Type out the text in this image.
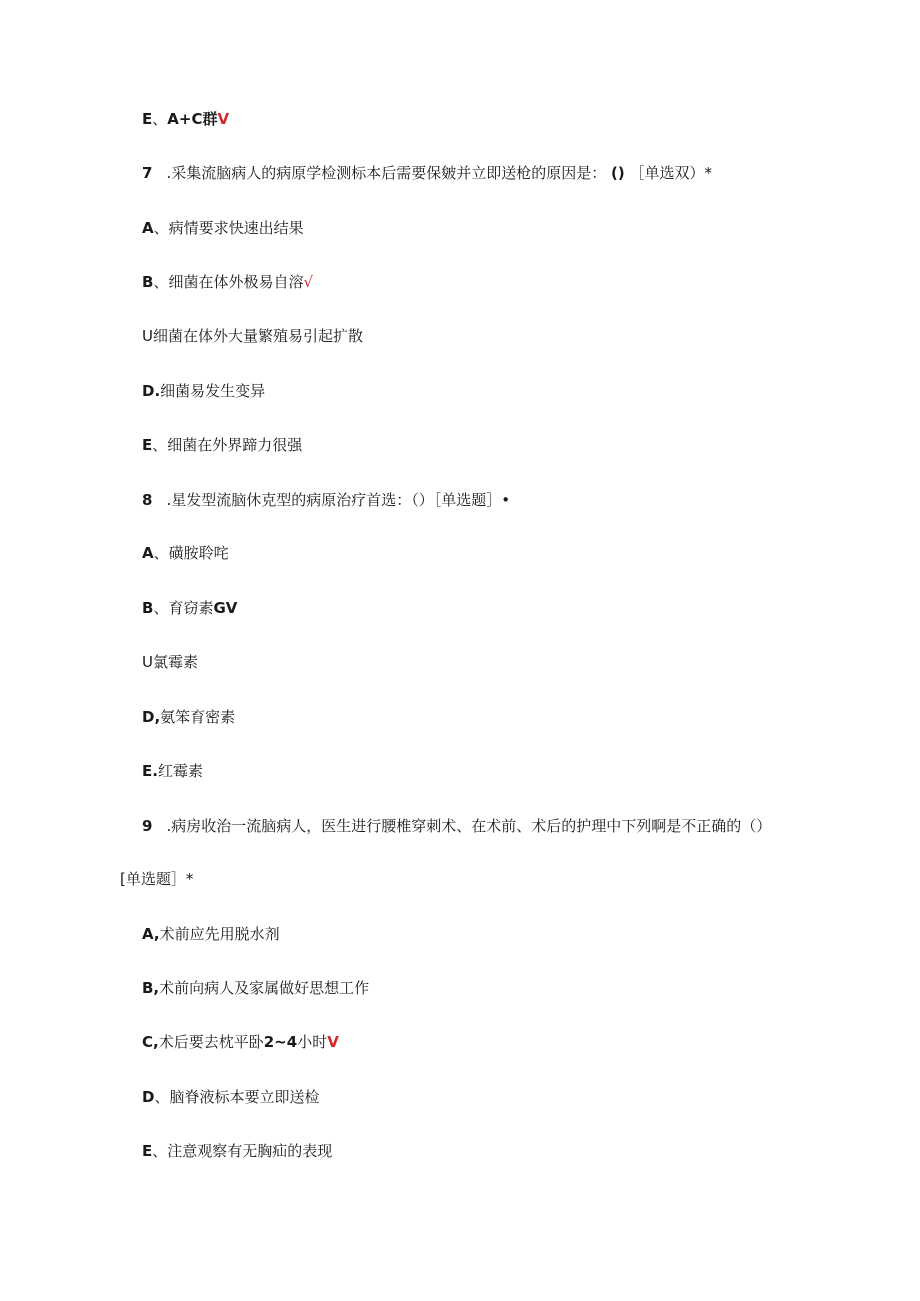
E、A+C群V
7 .采集流脑病人的病原学检测标本后需要保皴并立即送枪的原因是： () ［单选双）*
A、病情要求快速出结果
B、细菌在体外极易自溶√
U细菌在体外大量繁殖易引起扩散
D.细菌易发生变异
E、细菌在外界蹄力很强
8 .星发型流脑休克型的病原治疗首选：（）［单选题］•
A、磺胺聆咤
B、育窃素GV
U氯霉素
D,氨笨育密素
E.红霉素
9 .病房收治一流脑病人，医生进行腰椎穿刺术、在术前、术后的护理中下列啊是不正确的（）
[单选题］*
A,术前应先用脱水剂
B,术前向病人及家属做好思想工作
C,术后要去枕平卧2~4小时V
D、脑脊液标本要立即送检
E、注意观察有无胸疝的表现
